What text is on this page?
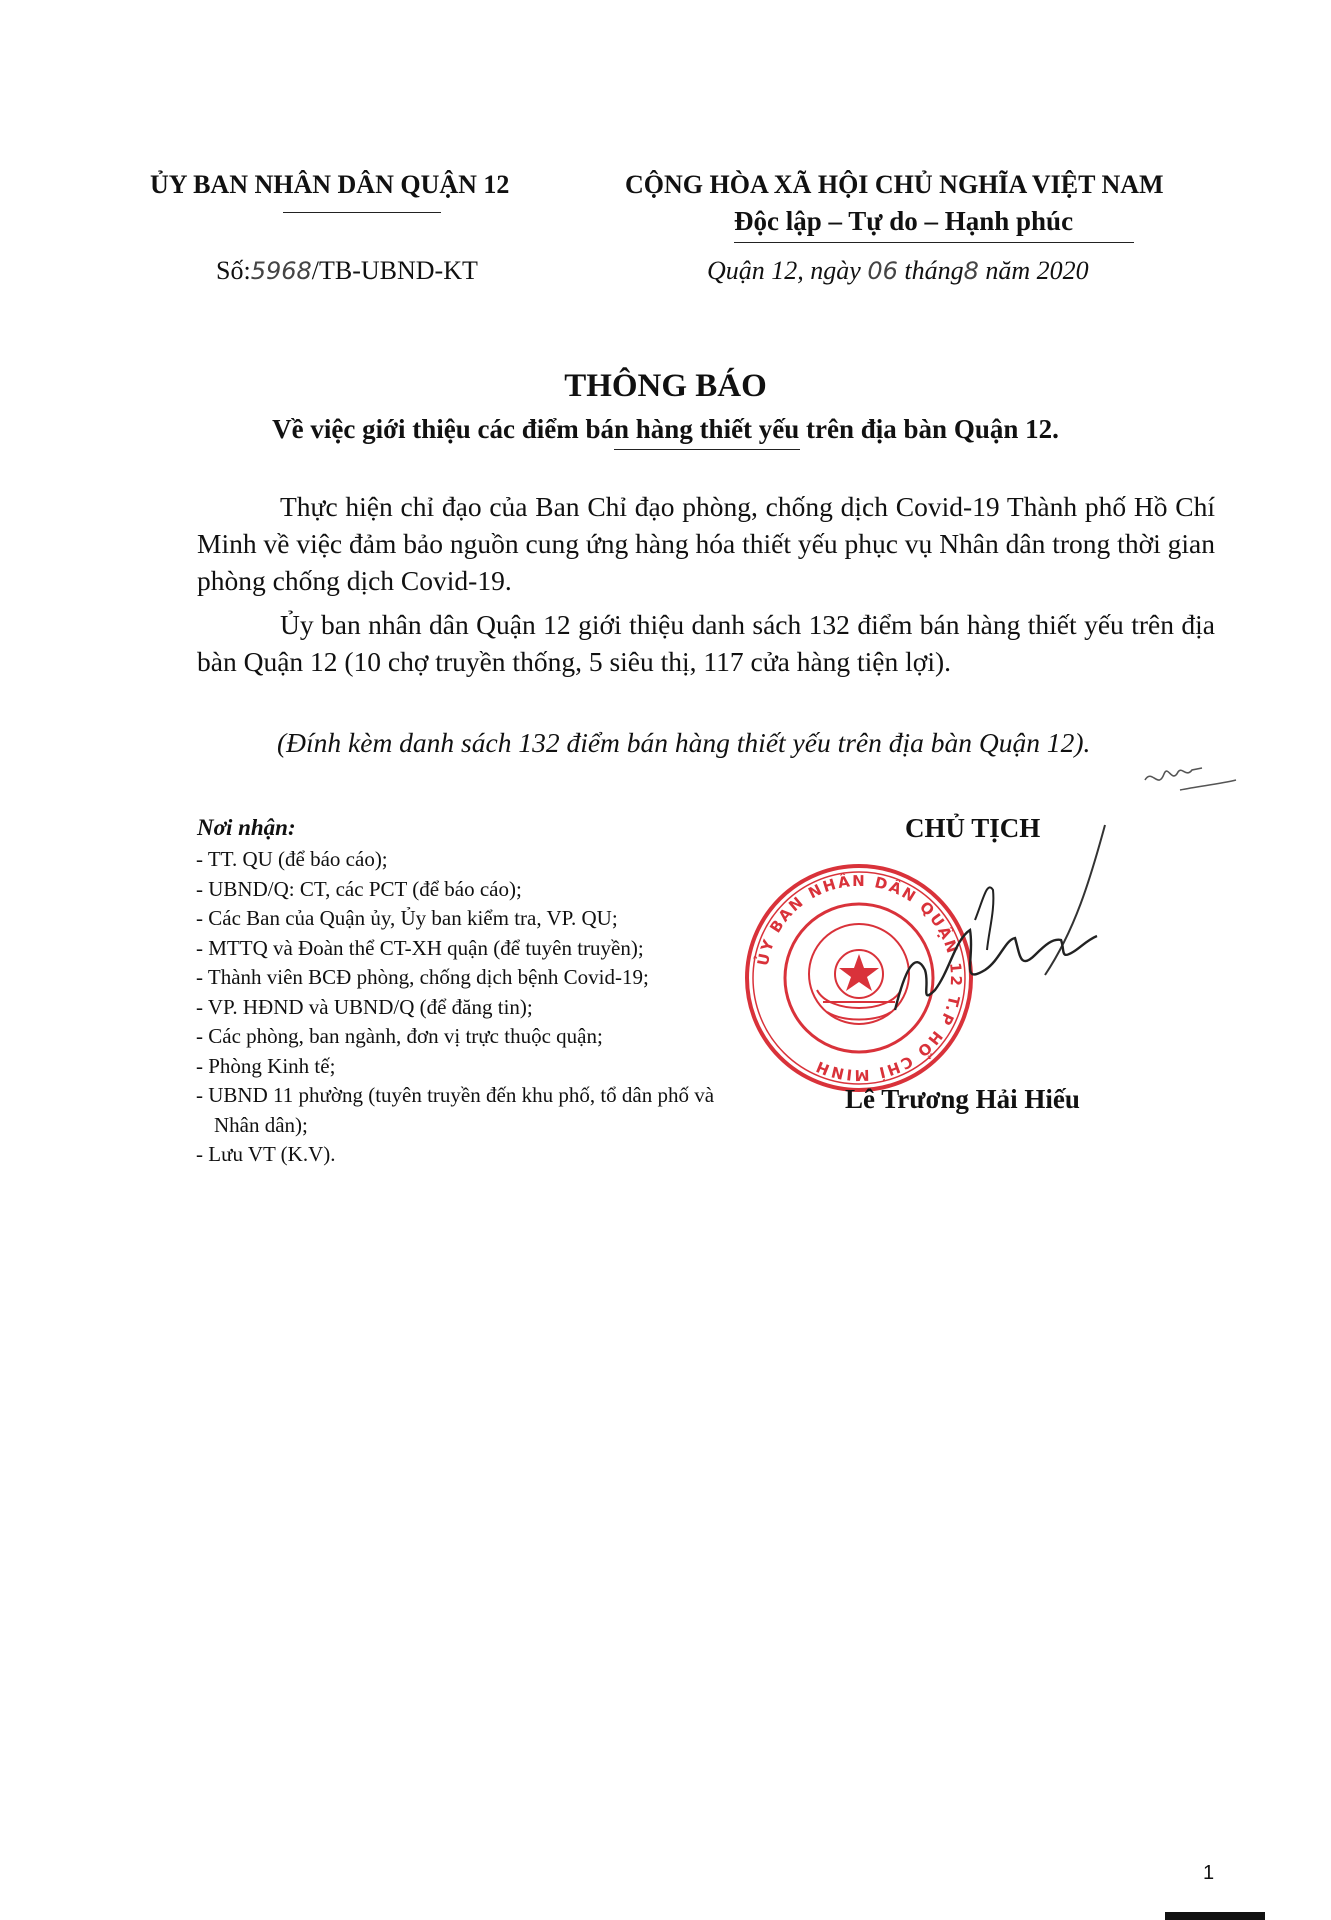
ỦY BAN NHÂN DÂN QUẬN 12
Số:5968/TB-UBND-KT
CỘNG HÒA XÃ HỘI CHỦ NGHĨA VIỆT NAM
Độc lập – Tự do – Hạnh phúc
Quận 12, ngày 06 tháng8 năm 2020
THÔNG BÁO
Về việc giới thiệu các điểm bán hàng thiết yếu trên địa bàn Quận 12.
Thực hiện chỉ đạo của Ban Chỉ đạo phòng, chống dịch Covid-19 Thành phố Hồ Chí Minh về việc đảm bảo nguồn cung ứng hàng hóa thiết yếu phục vụ Nhân dân trong thời gian phòng chống dịch Covid-19.
Ủy ban nhân dân Quận 12 giới thiệu danh sách 132 điểm bán hàng thiết yếu trên địa bàn Quận 12 (10 chợ truyền thống, 5 siêu thị, 117 cửa hàng tiện lợi).
(Đính kèm danh sách 132 điểm bán hàng thiết yếu trên địa bàn Quận 12).
Nơi nhận:
- TT. QU (để báo cáo);
- UBND/Q: CT, các PCT (để báo cáo);
- Các Ban của Quận ủy, Ủy ban kiểm tra, VP. QU;
- MTTQ và Đoàn thể CT-XH quận (để tuyên truyền);
- Thành viên BCĐ phòng, chống dịch bệnh Covid-19;
- VP. HĐND và UBND/Q (để đăng tin);
- Các phòng, ban ngành, đơn vị trực thuộc quận;
- Phòng Kinh tế;
- UBND 11 phường (tuyên truyền đến khu phố, tổ dân phố và Nhân dân);
- Lưu VT (K.V).
CHỦ TỊCH
ỦY BAN NHÂN DÂN QUẬN 12 T.P HỒ CHÍ MINH
Lê Trương Hải Hiếu
1
